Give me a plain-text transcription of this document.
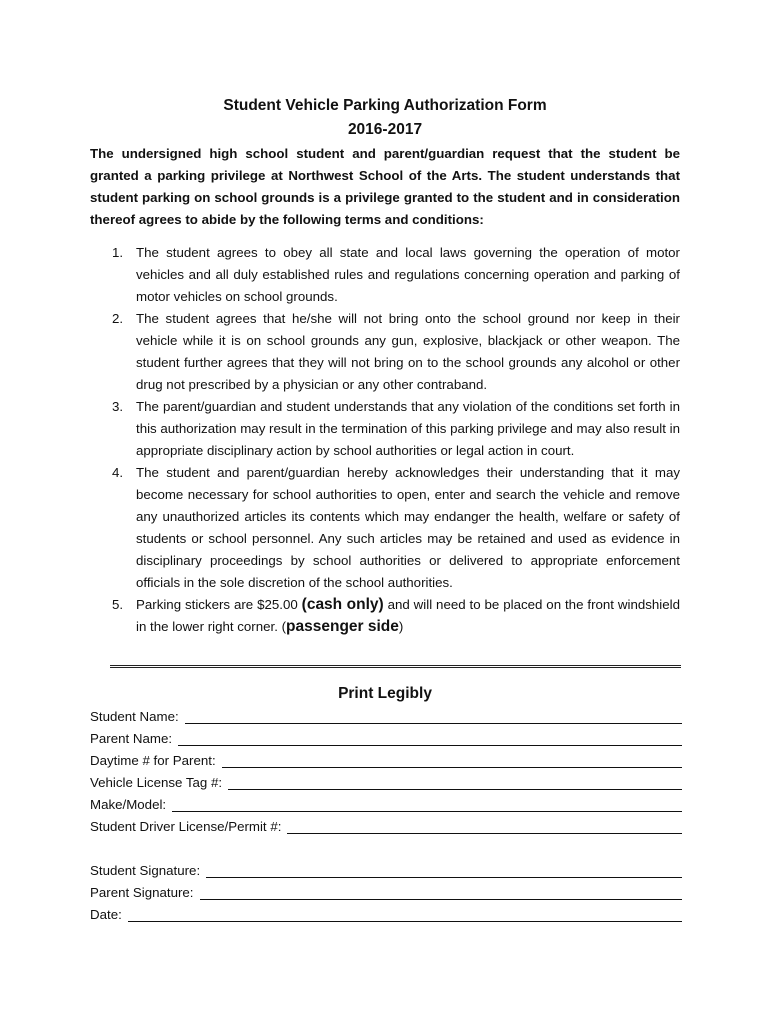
Student Vehicle Parking Authorization Form
2016-2017
The undersigned high school student and parent/guardian request that the student be granted a parking privilege at Northwest School of the Arts. The student understands that student parking on school grounds is a privilege granted to the student and in consideration thereof agrees to abide by the following terms and conditions:
1. The student agrees to obey all state and local laws governing the operation of motor vehicles and all duly established rules and regulations concerning operation and parking of motor vehicles on school grounds.
2. The student agrees that he/she will not bring onto the school ground nor keep in their vehicle while it is on school grounds any gun, explosive, blackjack or other weapon. The student further agrees that they will not bring on to the school grounds any alcohol or other drug not prescribed by a physician or any other contraband.
3. The parent/guardian and student understands that any violation of the conditions set forth in this authorization may result in the termination of this parking privilege and may also result in appropriate disciplinary action by school authorities or legal action in court.
4. The student and parent/guardian hereby acknowledges their understanding that it may become necessary for school authorities to open, enter and search the vehicle and remove any unauthorized articles its contents which may endanger the health, welfare or safety of students or school personnel. Any such articles may be retained and used as evidence in disciplinary proceedings by school authorities or delivered to appropriate enforcement officials in the sole discretion of the school authorities.
5. Parking stickers are $25.00 (cash only) and will need to be placed on the front windshield in the lower right corner. (passenger side)
Print Legibly
Student Name:
Parent Name:
Daytime # for Parent:
Vehicle License Tag #:
Make/Model:
Student Driver License/Permit #:
Student Signature:
Parent Signature:
Date:
